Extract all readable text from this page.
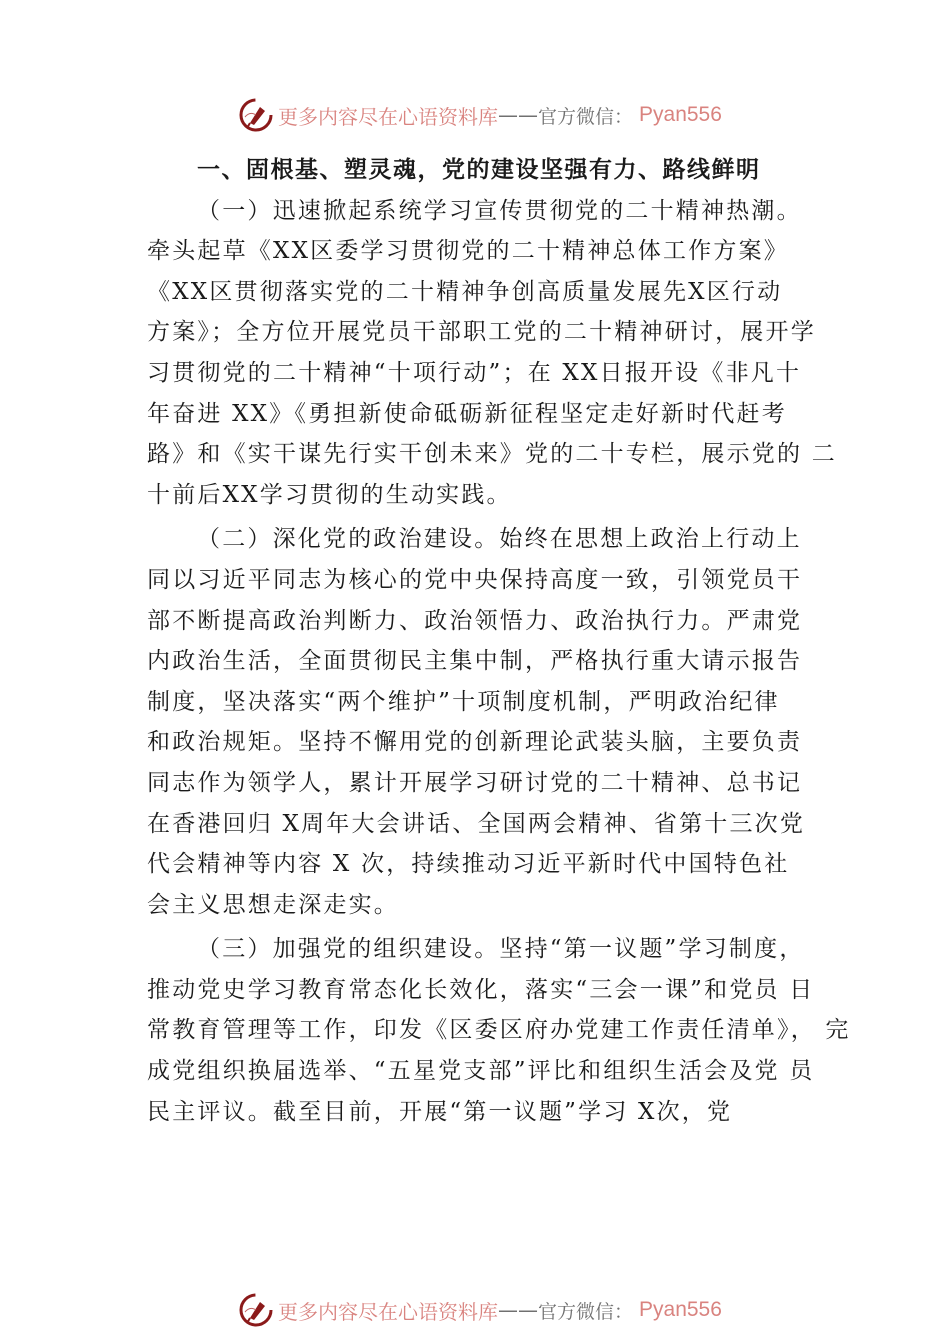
更多内容尽在心语资料库 —— 官方微信： Pyan556
一、固根基、塑灵魂，党的建设坚强有力、路线鲜明
（一）迅速掀起系统学习宣传贯彻党的二十精神热潮。
牵头起草《XX区委学习贯彻党的二十精神总体工作方案》
《XX区贯彻落实党的二十精神争创高质量发展先X区行动
方案》；全方位开展党员干部职工党的二十精神研讨，展开学
习贯彻党的二十精神“十项行动”；在 XX日报开设《非凡十
年奋进 XX》《勇担新使命砥砺新征程坚定走好新时代赶考
路》和《实干谋先行实干创未来》党的二十专栏，展示党的 二
十前后XX学习贯彻的生动实践。
（二）深化党的政治建设。始终在思想上政治上行动上
同以习近平同志为核心的党中央保持高度一致，引领党员干
部不断提高政治判断力、政治领悟力、政治执行力。严肃党
内政治生活，全面贯彻民主集中制，严格执行重大请示报告
制度，坚决落实“两个维护”十项制度机制，严明政治纪律
和政治规矩。坚持不懈用党的创新理论武装头脑，主要负责
同志作为领学人，累计开展学习研讨党的二十精神、总书记
在香港回归 X周年大会讲话、全国两会精神、省第十三次党
代会精神等内容 X 次，持续推动习近平新时代中国特色社
会主义思想走深走实。
（三）加强党的组织建设。坚持“第一议题”学习制度，
推动党史学习教育常态化长效化，落实“三会一课”和党员 日
常教育管理等工作，印发《区委区府办党建工作责任清单》， 完
成党组织换届选举、“五星党支部”评比和组织生活会及党 员
民主评议。截至目前，开展“第一议题”学习 X次，党
更多内容尽在心语资料库 —— 官方微信： Pyan556
